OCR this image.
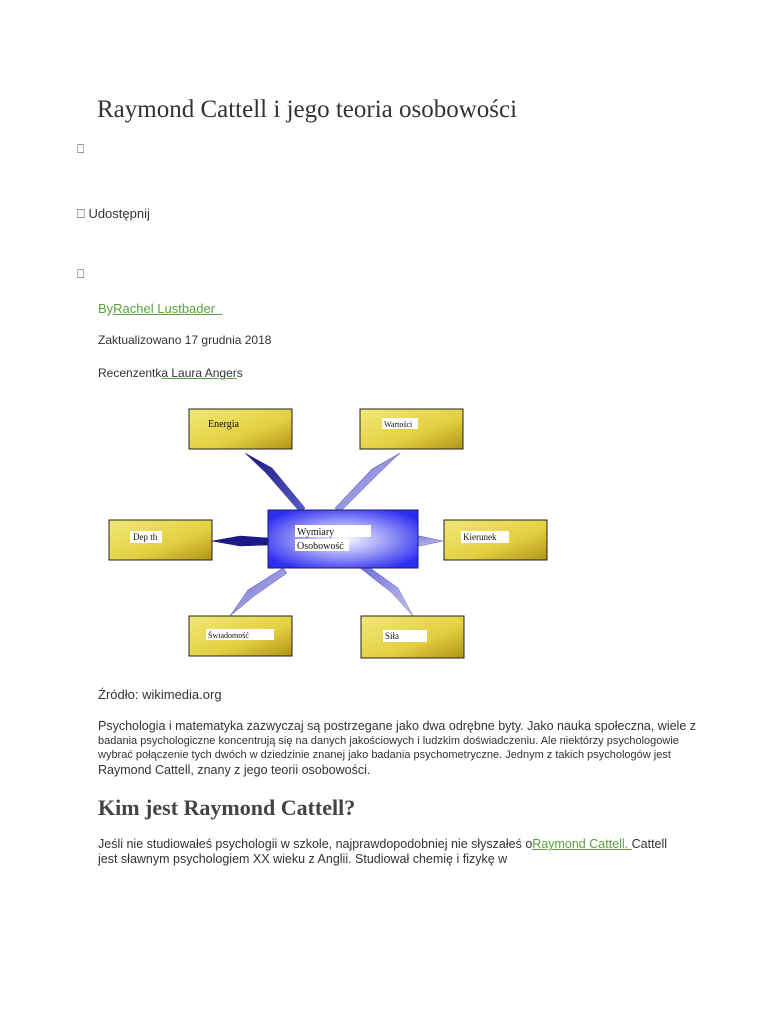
Raymond Cattell i jego teoria osobowości
⎕
⎕ Udostępnij
⎕
ByRachel Lustbader
Zaktualizowano 17 grudnia 2018
Recenzentka Laura Angers
Wymiary
Osobowość
Energia	Wartości
Dep th	Kierunek
Świadomość	Siła
Źródło: wikimedia.org
Psychologia i matematyka zazwyczaj są postrzegane jako dwa odrębne byty. Jako nauka społeczna, wiele z
badania psychologiczne koncentrują się na danych jakościowych i ludzkim doświadczeniu. Ale niektórzy psychologowie
wybrać połączenie tych dwóch w dziedzinie znanej jako badania psychometryczne. Jednym z takich psychologów jest
Raymond Cattell, znany z jego teorii osobowości.
Kim jest Raymond Cattell?
Jeśli nie studiowałeś psychologii w szkole, najprawdopodobniej nie słyszałeś oRaymond Cattell. Cattell
jest sławnym psychologiem XX wieku z Anglii. Studiował chemię i fizykę w
